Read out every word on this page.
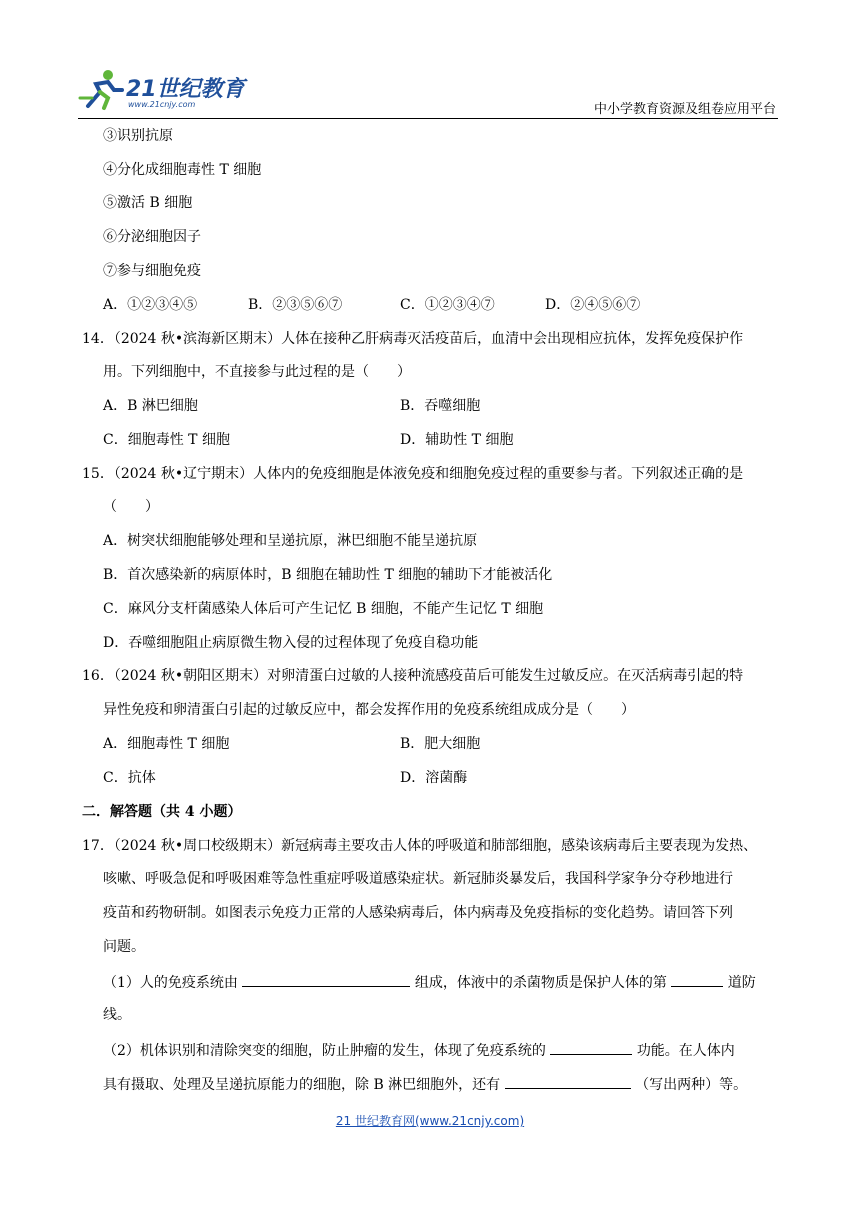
21世纪教育
www.21cnjy.com	中小学教育资源及组卷应用平台
③识别抗原
④分化成细胞毒性 T 细胞
⑤激活 B 细胞
⑥分泌细胞因子
⑦参与细胞免疫
A．①②③④⑤	B．②③⑤⑥⑦	C．①②③④⑦	D．②④⑤⑥⑦
14．（2024 秋•滨海新区期末）人体在接种乙肝病毒灭活疫苗后，血清中会出现相应抗体，发挥免疫保护作
用。下列细胞中，不直接参与此过程的是（　　）
A．B 淋巴细胞	B．吞噬细胞
C．细胞毒性 T 细胞	D．辅助性 T 细胞
15．（2024 秋•辽宁期末）人体内的免疫细胞是体液免疫和细胞免疫过程的重要参与者。下列叙述正确的是
（　　）
A．树突状细胞能够处理和呈递抗原，淋巴细胞不能呈递抗原
B．首次感染新的病原体时，B 细胞在辅助性 T 细胞的辅助下才能被活化
C．麻风分支杆菌感染人体后可产生记忆 B 细胞，不能产生记忆 T 细胞
D．吞噬细胞阻止病原微生物入侵的过程体现了免疫自稳功能
16．（2024 秋•朝阳区期末）对卵清蛋白过敏的人接种流感疫苗后可能发生过敏反应。在灭活病毒引起的特
异性免疫和卵清蛋白引起的过敏反应中，都会发挥作用的免疫系统组成成分是（　　）
A．细胞毒性 T 细胞	B．肥大细胞
C．抗体	D．溶菌酶
二．解答题（共 4 小题）
17．（2024 秋•周口校级期末）新冠病毒主要攻击人体的呼吸道和肺部细胞，感染该病毒后主要表现为发热、
咳嗽、呼吸急促和呼吸困难等急性重症呼吸道感染症状。新冠肺炎暴发后，我国科学家争分夺秒地进行
疫苗和药物研制。如图表示免疫力正常的人感染病毒后，体内病毒及免疫指标的变化趋势。请回答下列
问题。
（1）人的免疫系统由	组成，体液中的杀菌物质是保护人体的第	道防
线。
（2）机体识别和清除突变的细胞，防止肿瘤的发生，体现了免疫系统的	功能。在人体内
具有摄取、处理及呈递抗原能力的细胞，除 B 淋巴细胞外，还有	（写出两种）等。
21 世纪教育网(www.21cnjy.com)
